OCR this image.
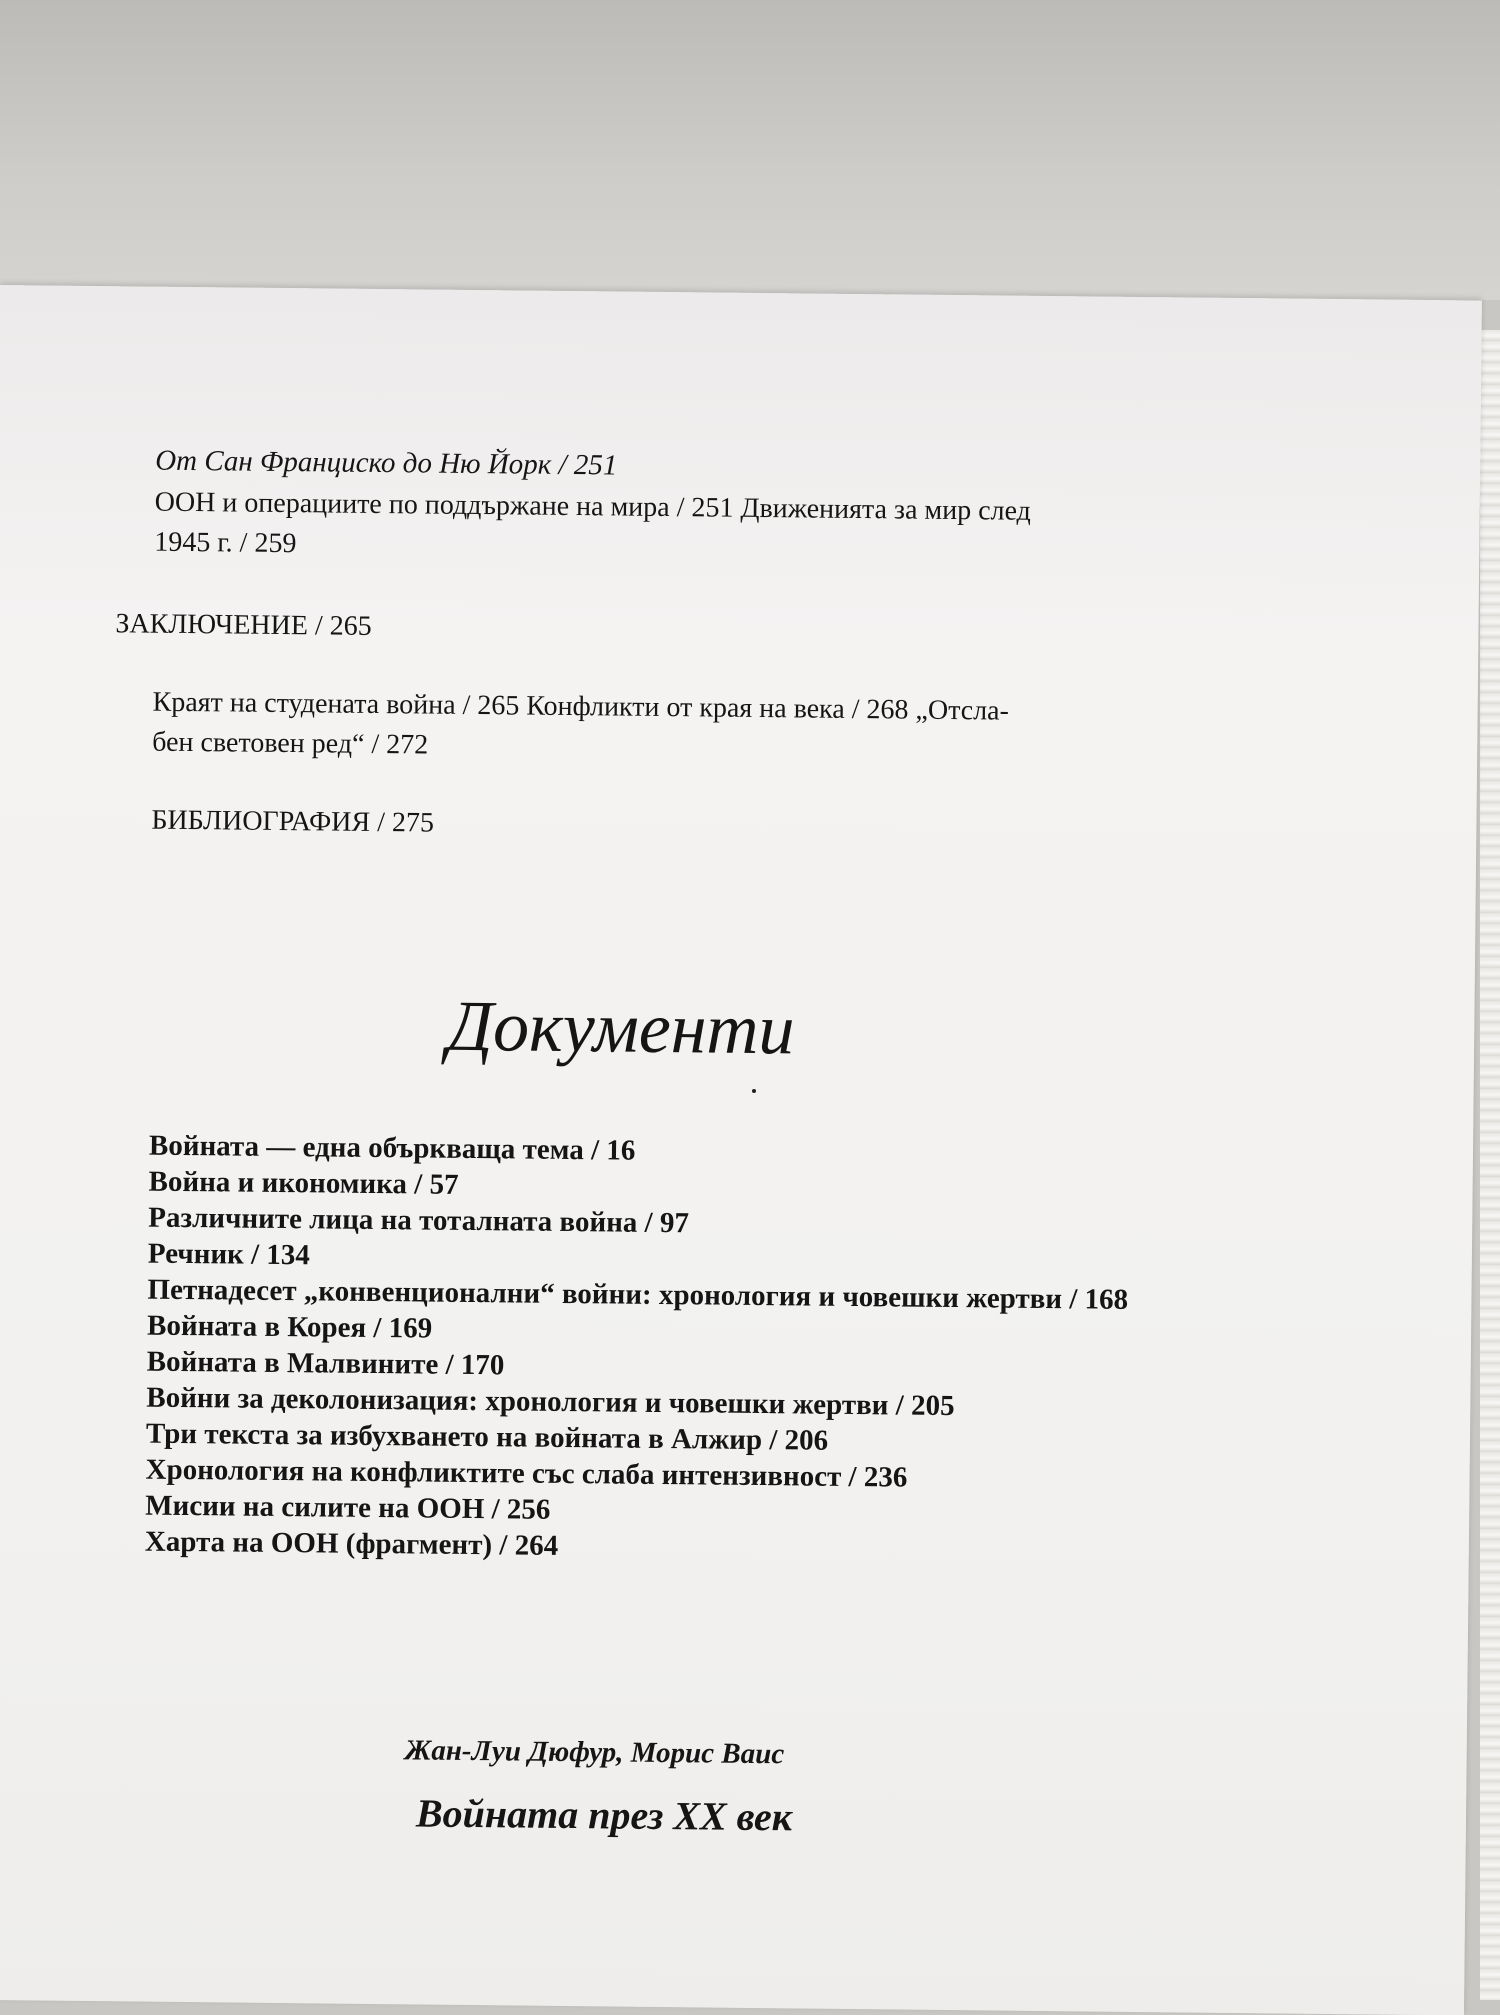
От Сан Франциско до Ню Йорк / 251
ООН и операциите по поддържане на мира / 251 Движенията за мир след
1945 г. / 259
ЗАКЛЮЧЕНИЕ / 265
Краят на студената война / 265 Конфликти от края на века / 268 „Отсла-
бен световен ред“ / 272
БИБЛИОГРАФИЯ / 275
Документи
Войната — една объркваща тема / 16
Война и икономика / 57
Различните лица на тоталната война / 97
Речник / 134
Петнадесет „конвенционални“ войни: хронология и човешки жертви / 168
Войната в Корея / 169
Войната в Малвините / 170
Войни за деколонизация: хронология и човешки жертви / 205
Три текста за избухването на войната в Алжир / 206
Хронология на конфликтите със слаба интензивност / 236
Мисии на силите на ООН / 256
Харта на ООН (фрагмент) / 264
Жан-Луи Дюфур, Морис Ваис
Войната през ХХ век
